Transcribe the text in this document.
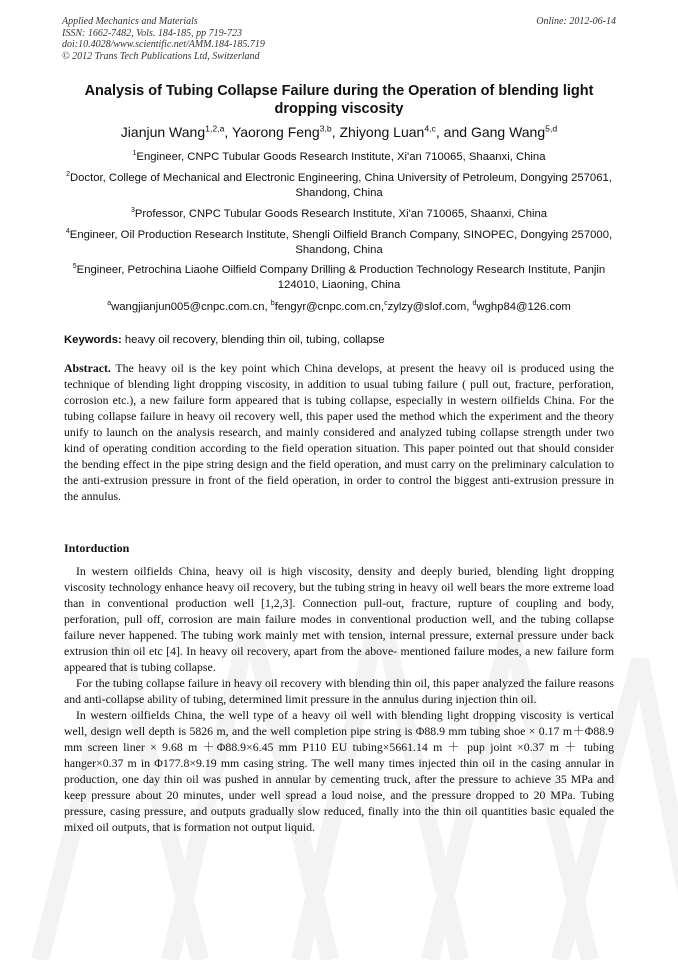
Applied Mechanics and Materials
ISSN: 1662-7482, Vols. 184-185, pp 719-723
doi:10.4028/www.scientific.net/AMM.184-185.719
© 2012 Trans Tech Publications Ltd, Switzerland
Online: 2012-06-14
Analysis of Tubing Collapse Failure during the Operation of blending light dropping viscosity
Jianjun Wang$^{1,2,a}$, Yaorong Feng$^{3,b}$, Zhiyong Luan$^{4,c}$, and Gang Wang$^{5,d}$
$^1$Engineer, CNPC Tubular Goods Research Institute, Xi'an 710065, Shaanxi, China
$^2$Doctor, College of Mechanical and Electronic Engineering, China University of Petroleum, Dongying 257061, Shandong, China
$^3$Professor, CNPC Tubular Goods Research Institute, Xi'an 710065, Shaanxi, China
$^4$Engineer, Oil Production Research Institute, Shengli Oilfield Branch Company, SINOPEC, Dongying 257000, Shandong, China
$^5$Engineer, Petrochina Liaohe Oilfield Company Drilling & Production Technology Research Institute, Panjin 124010, Liaoning, China
$^a$wangjianjun005@cnpc.com.cn, $^b$fengyr@cnpc.com.cn,$^c$zylzy@slof.com, $^d$wghp84@126.com
Keywords: heavy oil recovery, blending thin oil, tubing, collapse
Abstract. The heavy oil is the key point which China develops, at present the heavy oil is produced using the technique of blending light dropping viscosity, in addition to usual tubing failure ( pull out, fracture, perforation, corrosion etc.), a new failure form appeared that is tubing collapse, especially in western oilfields China. For the tubing collapse failure in heavy oil recovery well, this paper used the method which the experiment and the theory unify to launch on the analysis research, and mainly considered and analyzed tubing collapse strength under two kind of operating condition according to the field operation situation. This paper pointed out that should consider the bending effect in the pipe string design and the field operation, and must carry on the preliminary calculation to the anti-extrusion pressure in front of the field operation, in order to control the biggest anti-extrusion pressure in the annulus.
Intorduction

In western oilfields China, heavy oil is high viscosity, density and deeply buried, blending light dropping viscosity technology enhance heavy oil recovery, but the tubing string in heavy oil well bears the more extreme load than in conventional production well [1,2,3]. Connection pull-out, fracture, rupture of coupling and body, perforation, pull off, corrosion are main failure modes in conventional production well, and the tubing collapse failure never happened. The tubing work mainly met with tension, internal pressure, external pressure under back extrusion thin oil etc [4]. In heavy oil recovery, apart from the above- mentioned failure modes, a new failure form appeared that is tubing collapse.

For the tubing collapse failure in heavy oil recovery with blending thin oil, this paper analyzed the failure reasons and anti-collapse ability of tubing, determined limit pressure in the annulus during injection thin oil.

In western oilfields China, the well type of a heavy oil well with blending light dropping viscosity is vertical well, design well depth is 5826 m, and the well completion pipe string is Φ88.9 mm tubing shoe × 0.17 m＋Φ88.9 mm screen liner × 9.68 m ＋Φ88.9×6.45 mm P110 EU tubing×5661.14 m ＋ pup joint ×0.37 m ＋ tubing hanger×0.37 m in Φ177.8×9.19 mm casing string. The well many times injected thin oil in the casing annular in production, one day thin oil was pushed in annular by cementing truck, after the pressure to achieve 35 MPa and keep pressure about 20 minutes, under well spread a loud noise, and the pressure dropped to 20 MPa. Tubing pressure, casing pressure, and outputs gradually slow reduced, finally into the thin oil quantities basic equaled the mixed oil outputs, that is formation not output liquid.
